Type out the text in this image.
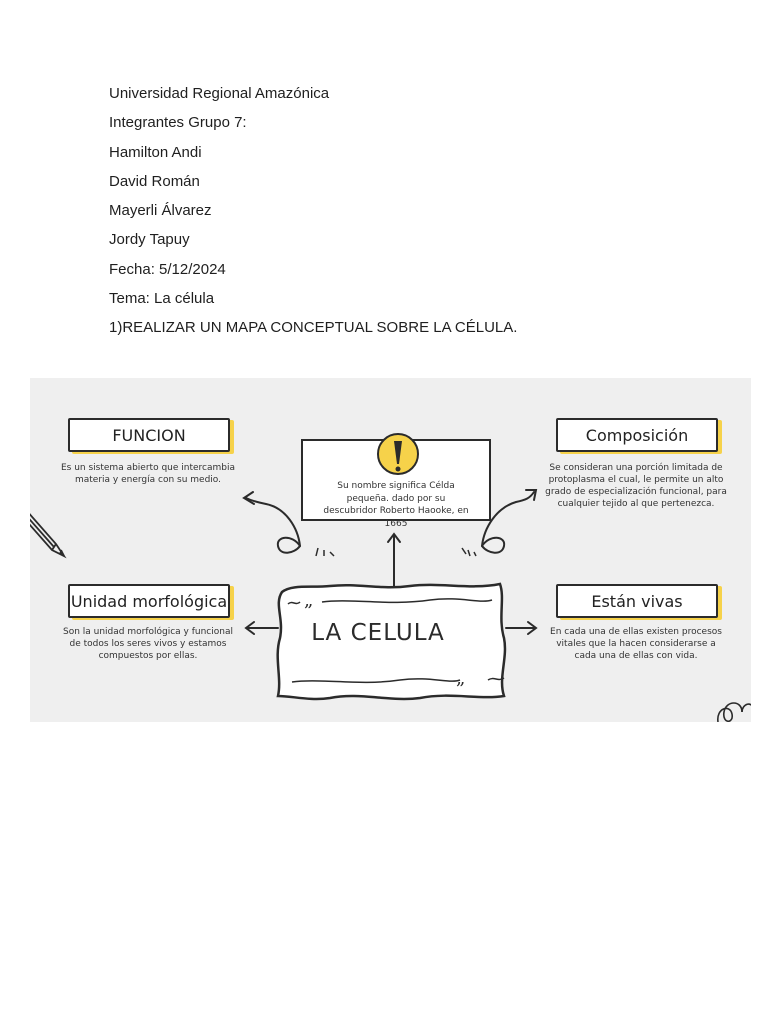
Universidad Regional Amazónica

Integrantes Grupo 7:

Hamilton Andi

David Román

Mayerli Álvarez

Jordy Tapuy

Fecha: 5/12/2024

Tema: La célula

1)REALIZAR UN MAPA CONCEPTUAL SOBRE LA CÉLULA.

FUNCION
Es un sistema abierto que intercambia materia y energía con su medio.
Composición
Se consideran una porción limitada de protoplasma el cual, le permite un alto grado de especialización funcional, para cualquier tejido al que pertenezca.
Unidad morfológica
Son la unidad morfológica y funcional de todos los seres vivos y estamos compuestos por ellas.
Están vivas
En cada una de ellas existen procesos vitales que la hacen considerarse a cada una de ellas con vida.
Su nombre significa Célda pequeña. dado por su descubridor Roberto Haooke, en 1665
LA CELULA
„
„
